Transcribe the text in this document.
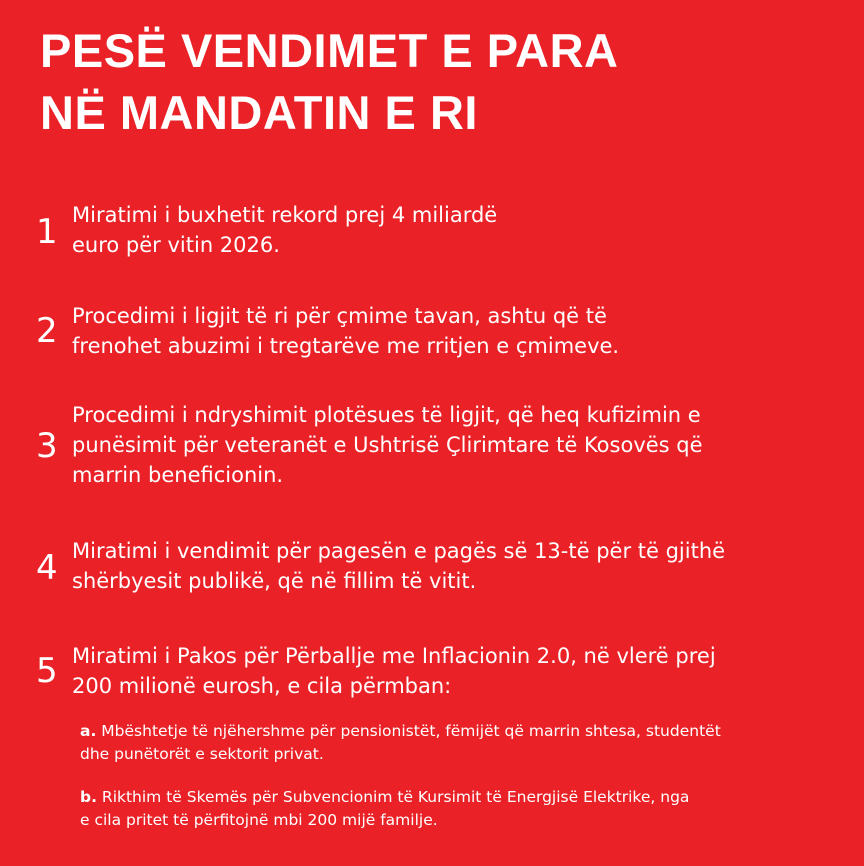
PESË VENDIMET E PARA
NË MANDATIN E RI
1 Miratimi i buxhetit rekord prej 4 miliardë
euro për vitin 2026.
2 Procedimi i ligjit të ri për çmime tavan, ashtu që të
frenohet abuzimi i tregtarëve me rritjen e çmimeve.
3
Procedimi i ndryshimit plotësues të ligjit, që heq kufizimin e
punësimit për veteranët e Ushtrisë Çlirimtare të Kosovës që
marrin beneficionin.
4 Miratimi i vendimit për pagesën e pagës së 13-të për të gjithë
shërbyesit publikë, që në fillim të vitit.
5 Miratimi i Pakos për Përballje me Inflacionin 2.0, në vlerë prej
200 milionë eurosh, e cila përmban:
a. Mbështetje të njëhershme për pensionistët, fëmijët që marrin shtesa, studentët
dhe punëtorët e sektorit privat.
b. Rikthim të Skemës për Subvencionim të Kursimit të Energjisë Elektrike, nga
e cila pritet të përfitojnë mbi 200 mijë familje.
